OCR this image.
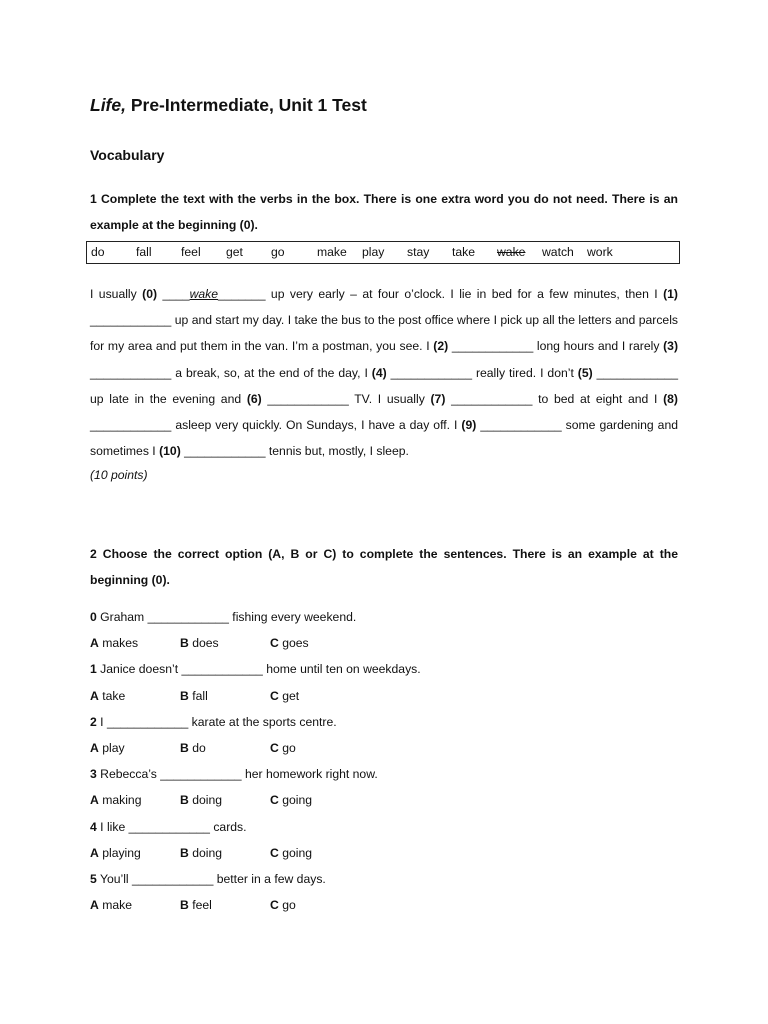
Life, Pre-Intermediate, Unit 1 Test
Vocabulary
1 Complete the text with the verbs in the box. There is one extra word you do not need. There is an example at the beginning (0).
do	fall feel get go	make play stay take wake watch work
I usually (0) ____wake_______ up very early – at four o’clock. I lie in bed for a few minutes, then I (1) ____________ up and start my day. I take the bus to the post office where I pick up all the letters and parcels for my area and put them in the van. I’m a postman, you see. I (2) ____________ long hours and I rarely (3) ____________ a break, so, at the end of the day, I (4) ____________ really tired. I don’t (5) ____________ up late in the evening and (6) ____________ TV. I usually (7) ____________ to bed at eight and I (8) ____________ asleep very quickly. On Sundays, I have a day off. I (9) ____________ some gardening and sometimes I (10) ____________ tennis but, mostly, I sleep.
(10 points)
2 Choose the correct option (A, B or C) to complete the sentences. There is an example at the beginning (0).
0 Graham ____________ fishing every weekend.
A makes	B does	C goes
1 Janice doesn’t ____________ home until ten on weekdays.
A take	B fall	C get
2 I ____________ karate at the sports centre.
A play	B do	C go
3 Rebecca’s ____________ her homework right now.
A making	B doing	C going
4 I like ____________ cards.
A playing	B doing	C going
5 You’ll ____________ better in a few days.
A make	B feel	C go
